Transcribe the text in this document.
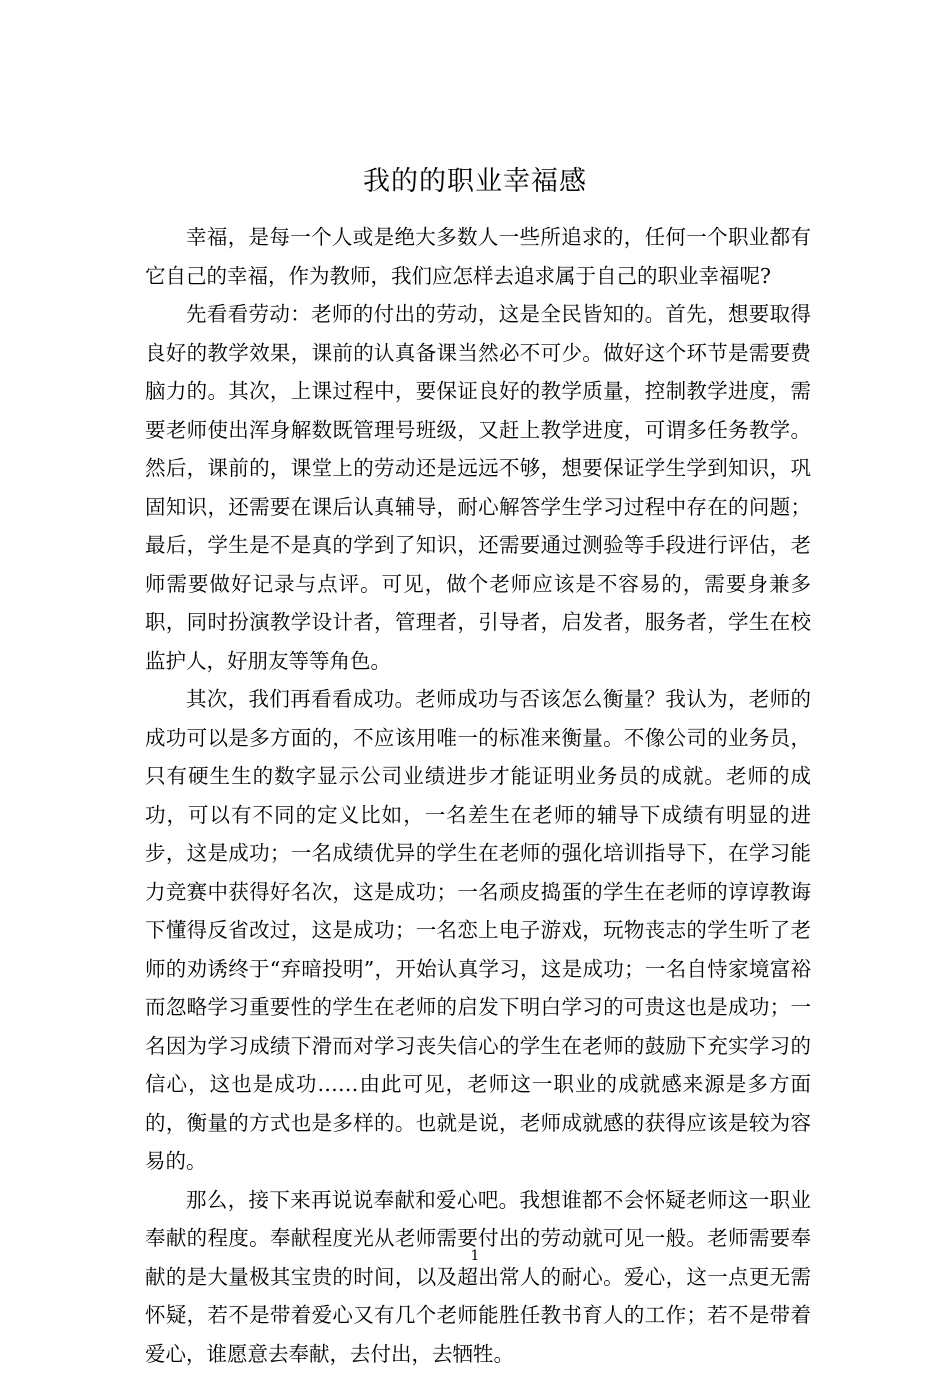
我的的职业幸福感

幸福，是每一个人或是绝大多数人一些所追求的，任何一个职业都有它自己的幸福，作为教师，我们应怎样去追求属于自己的职业幸福呢?

先看看劳动：老师的付出的劳动，这是全民皆知的。首先，想要取得良好的教学效果，课前的认真备课当然必不可少。做好这个环节是需要费脑力的。其次，上课过程中，要保证良好的教学质量，控制教学进度，需要老师使出浑身解数既管理号班级，又赶上教学进度，可谓多任务教学。然后，课前的，课堂上的劳动还是远远不够，想要保证学生学到知识，巩固知识，还需要在课后认真辅导，耐心解答学生学习过程中存在的问题；最后，学生是不是真的学到了知识，还需要通过测验等手段进行评估，老师需要做好记录与点评。可见，做个老师应该是不容易的，需要身兼多职，同时扮演教学设计者，管理者，引导者，启发者，服务者，学生在校监护人，好朋友等等角色。

其次，我们再看看成功。老师成功与否该怎么衡量？我认为，老师的成功可以是多方面的，不应该用唯一的标准来衡量。不像公司的业务员，只有硬生生的数字显示公司业绩进步才能证明业务员的成就。老师的成功，可以有不同的定义比如，一名差生在老师的辅导下成绩有明显的进步，这是成功；一名成绩优异的学生在老师的强化培训指导下，在学习能力竞赛中获得好名次，这是成功；一名顽皮捣蛋的学生在老师的谆谆教诲下懂得反省改过，这是成功；一名恋上电子游戏，玩物丧志的学生听了老师的劝诱终于“弃暗投明”，开始认真学习，这是成功；一名自恃家境富裕而忽略学习重要性的学生在老师的启发下明白学习的可贵这也是成功；一名因为学习成绩下滑而对学习丧失信心的学生在老师的鼓励下充实学习的信心，这也是成功……由此可见，老师这一职业的成就感来源是多方面的，衡量的方式也是多样的。也就是说，老师成就感的获得应该是较为容易的。

那么，接下来再说说奉献和爱心吧。我想谁都不会怀疑老师这一职业奉献的程度。奉献程度光从老师需要付出的劳动就可见一般。老师需要奉献的是大量极其宝贵的时间，以及超出常人的耐心。爱心，这一点更无需怀疑，若不是带着爱心又有几个老师能胜任教书育人的工作；若不是带着爱心，谁愿意去奉献，去付出，去牺牲。

1
